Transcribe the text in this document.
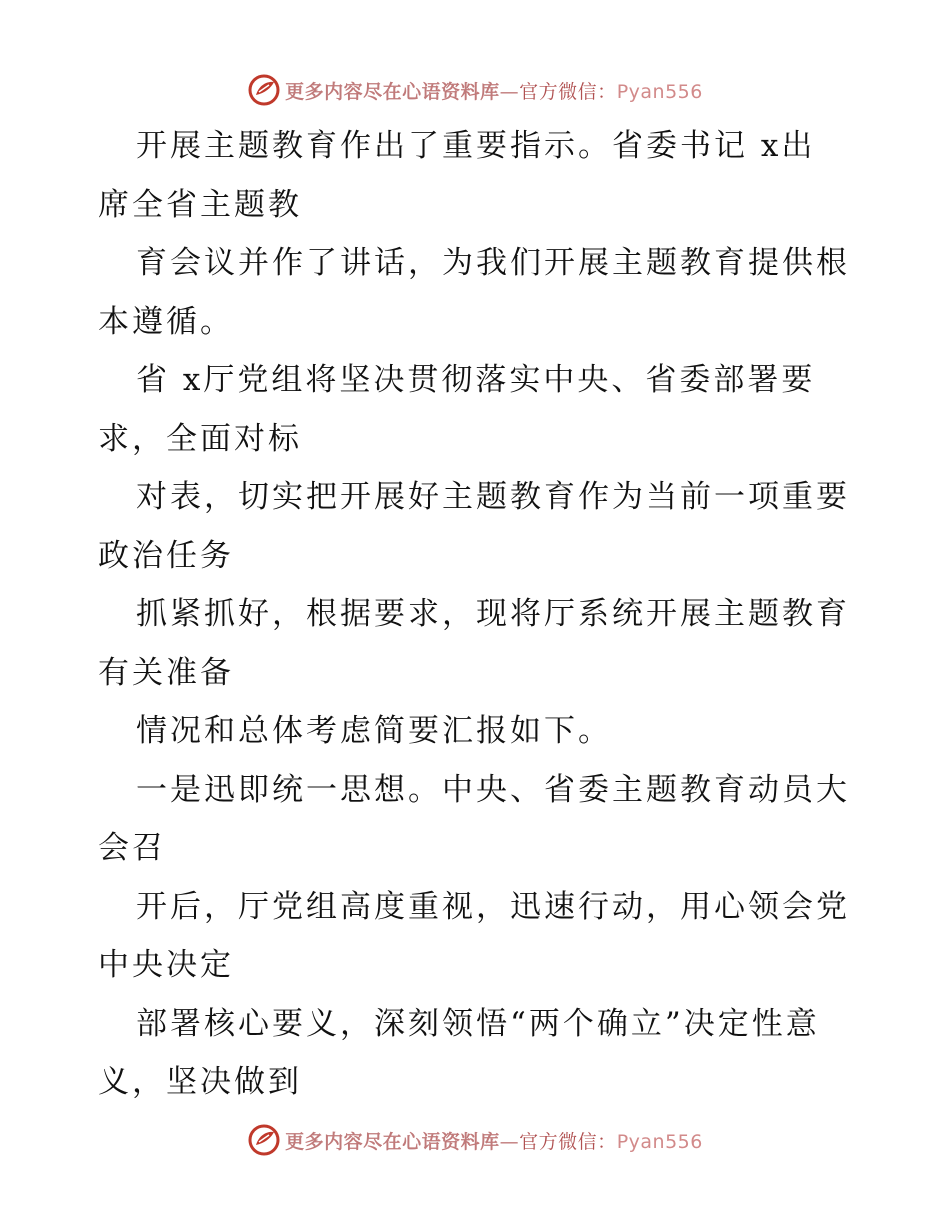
更多内容尽在心语资料库—官方微信：Pyan556

开展主题教育作出了重要指示。省委书记 x出

席全省主题教

育会议并作了讲话，为我们开展主题教育提供根

本遵循。

省 x厅党组将坚决贯彻落实中央、省委部署要

求，全面对标

对表，切实把开展好主题教育作为当前一项重要

政治任务

抓紧抓好，根据要求，现将厅系统开展主题教育

有关准备

情况和总体考虑简要汇报如下。

一是迅即统一思想。中央、省委主题教育动员大

会召

开后，厅党组高度重视，迅速行动，用心领会党

中央决定

部署核心要义，深刻领悟“两个确立”决定性意

义，坚决做到

更多内容尽在心语资料库—官方微信：Pyan556
